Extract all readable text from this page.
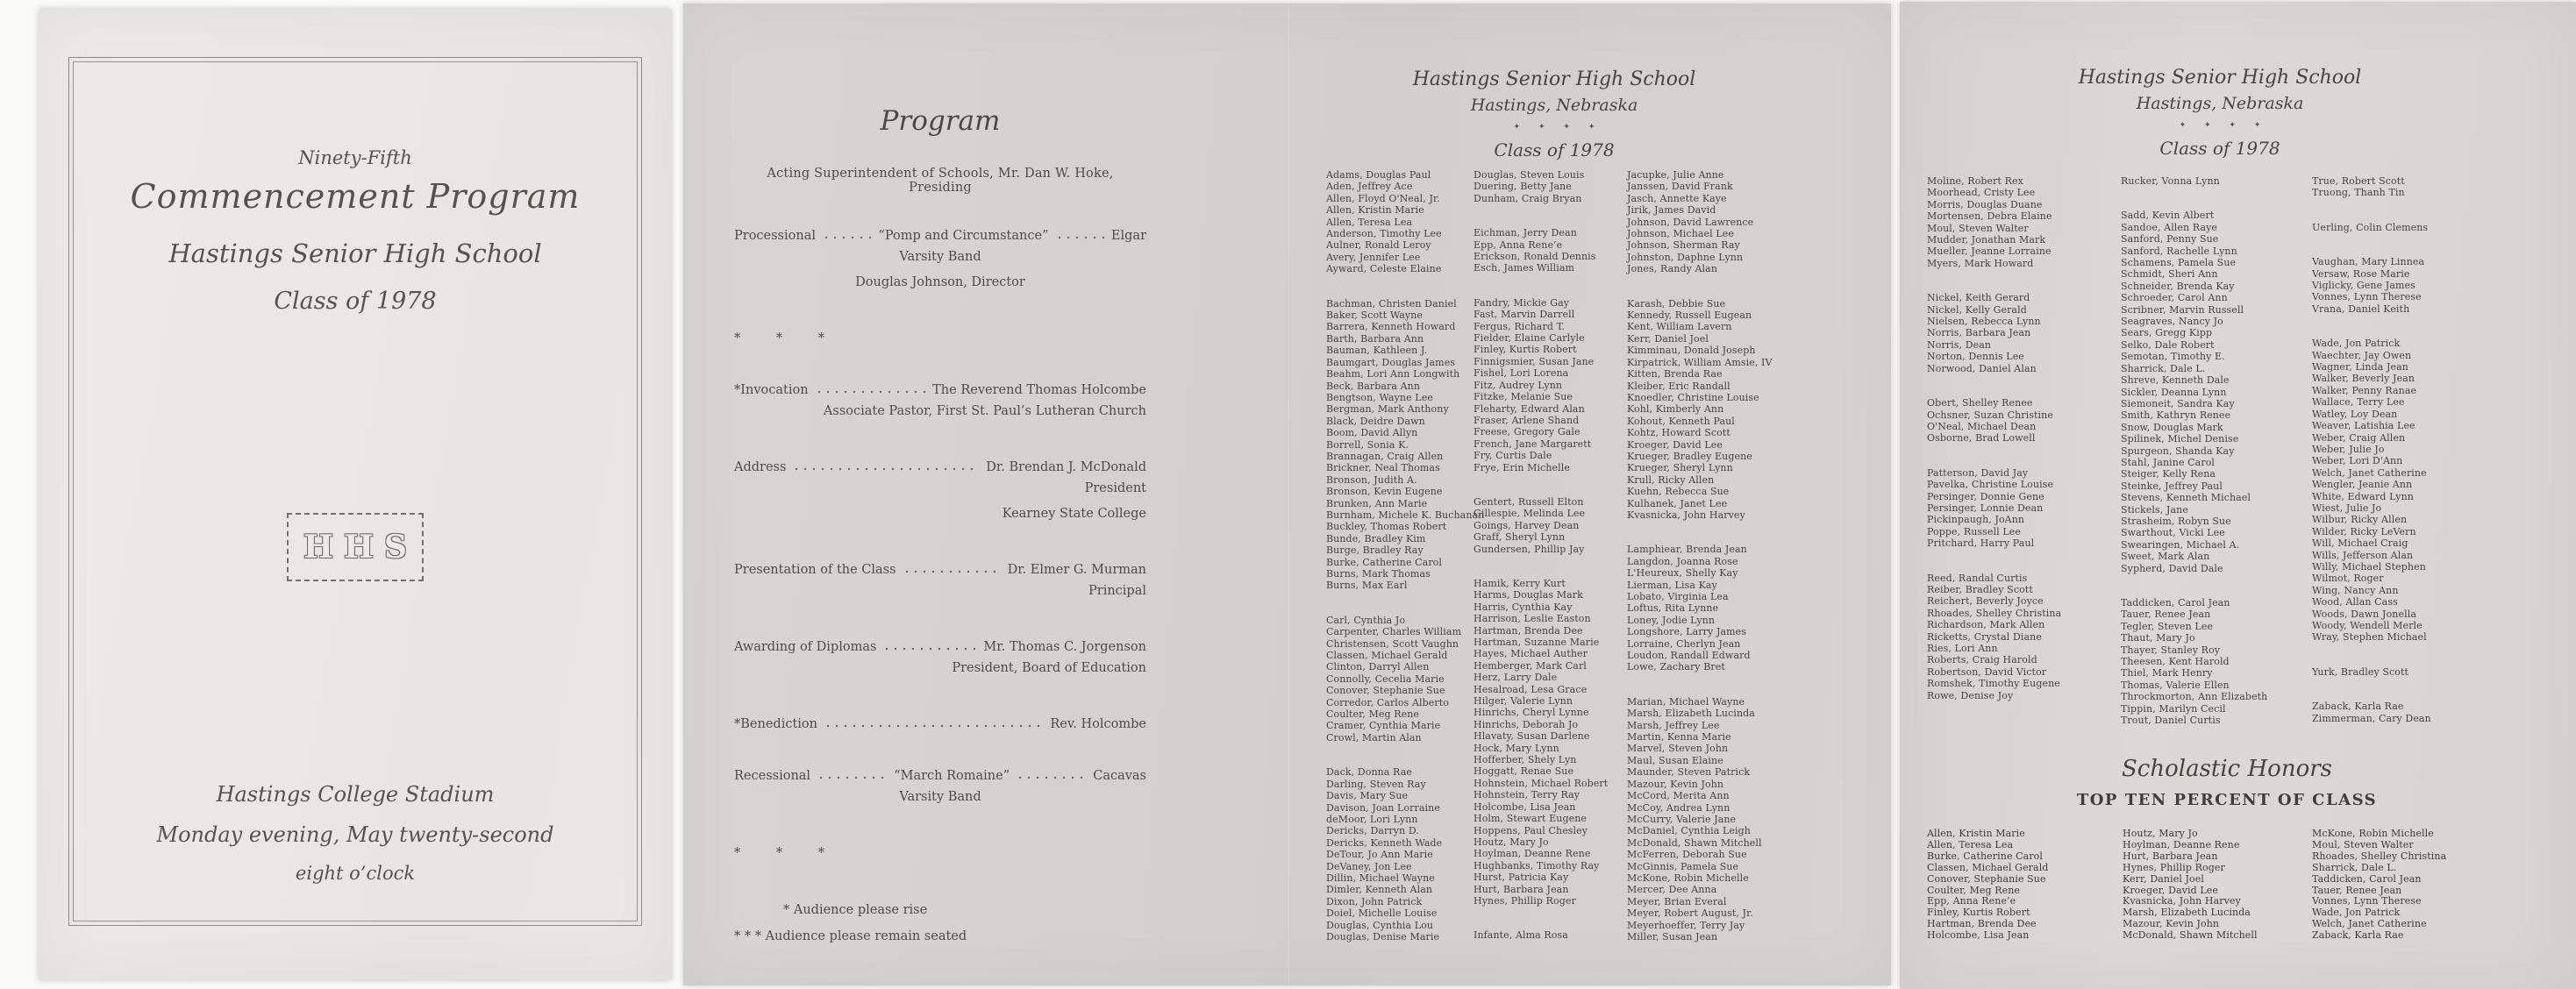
Ninety-Fifth
Commencement Program
Hastings Senior High School
Class of 1978
HHS
Hastings College Stadium
Monday evening, May twenty-second
eight o’clock
Program
Acting Superintendent of Schools, Mr. Dan W. Hoke, Presiding
Processional	“Pomp and Circumstance”	Elgar
Varsity Band
Douglas Johnson, Director
* * *
*Invocation	The Reverend Thomas Holcombe
Associate Pastor, First St. Paul’s Lutheran Church
Address	Dr. Brendan J. McDonald
President
Kearney State College
Presentation of the Class	Dr. Elmer G. Murman
Principal
Awarding of Diplomas	Mr. Thomas C. Jorgenson
President, Board of Education
*Benediction	Rev. Holcombe
Recessional	“March Romaine”	Cacavas
Varsity Band
* * *
* Audience please rise
* * * Audience please remain seated
Hastings Senior High School
Hastings, Nebraska
✦ ✦ ✦ ✦
Class of 1978
Adams, Douglas Paul
Aden, Jeffrey Ace
Allen, Floyd O'Neal, Jr.
Allen, Kristin Marie
Allen, Teresa Lea
Anderson, Timothy Lee
Aulner, Ronald Leroy
Avery, Jennifer Lee
Ayward, Celeste Elaine
Bachman, Christen Daniel
Baker, Scott Wayne
Barrera, Kenneth Howard
Barth, Barbara Ann
Bauman, Kathleen J.
Baumgart, Douglas James
Beahm, Lori Ann Longwith
Beck, Barbara Ann
Bengtson, Wayne Lee
Bergman, Mark Anthony
Black, Deidre Dawn
Boom, David Allyn
Borrell, Sonia K.
Brannagan, Craig Allen
Brickner, Neal Thomas
Bronson, Judith A.
Bronson, Kevin Eugene
Brunken, Ann Marie
Burnham, Michele K. Buchanan
Buckley, Thomas Robert
Bunde, Bradley Kim
Burge, Bradley Ray
Burke, Catherine Carol
Burns, Mark Thomas
Burns, Max Earl
Carl, Cynthia Jo
Carpenter, Charles William
Christensen, Scott Vaughn
Classen, Michael Gerald
Clinton, Darryl Allen
Connolly, Cecelia Marie
Conover, Stephanie Sue
Corredor, Carlos Alberto
Coulter, Meg Rene
Cramer, Cynthia Marie
Crowl, Martin Alan
Dack, Donna Rae
Darling, Steven Ray
Davis, Mary Sue
Davison, Joan Lorraine
deMoor, Lori Lynn
Dericks, Darryn D.
Dericks, Kenneth Wade
DeTour, Jo Ann Marie
DeVaney, Jon Lee
Dillin, Michael Wayne
Dimler, Kenneth Alan
Dixon, John Patrick
Doiel, Michelle Louise
Douglas, Cynthia Lou
Douglas, Denise Marie
Douglas, Steven Louis
Duering, Betty Jane
Dunham, Craig Bryan
Eichman, Jerry Dean
Epp, Anna Rene’e
Erickson, Ronald Dennis
Esch, James William
Fandry, Mickie Gay
Fast, Marvin Darrell
Fergus, Richard T.
Fielder, Elaine Carlyle
Finley, Kurtis Robert
Finnigsmier, Susan Jane
Fishel, Lori Lorena
Fitz, Audrey Lynn
Fitzke, Melanie Sue
Fleharty, Edward Alan
Fraser, Arlene Shand
Freese, Gregory Gale
French, Jane Margarett
Fry, Curtis Dale
Frye, Erin Michelle
Gentert, Russell Elton
Gillespie, Melinda Lee
Goings, Harvey Dean
Graff, Sheryl Lynn
Gundersen, Phillip Jay
Hamik, Kerry Kurt
Harms, Douglas Mark
Harris, Cynthia Kay
Harrison, Leslie Easton
Hartman, Brenda Dee
Hartman, Suzanne Marie
Hayes, Michael Auther
Hemberger, Mark Carl
Herz, Larry Dale
Hesalroad, Lesa Grace
Hilger, Valerie Lynn
Hinrichs, Cheryl Lynne
Hinrichs, Deborah Jo
Hlavaty, Susan Darlene
Hock, Mary Lynn
Hofferber, Shely Lyn
Hoggatt, Renae Sue
Hohnstein, Michael Robert
Hohnstein, Terry Ray
Holcombe, Lisa Jean
Holm, Stewart Eugene
Hoppens, Paul Chesley
Houtz, Mary Jo
Hoylman, Deanne Rene
Hughbanks, Timothy Ray
Hurst, Patricia Kay
Hurt, Barbara Jean
Hynes, Phillip Roger
Infante, Alma Rosa
Jacupke, Julie Anne
Janssen, David Frank
Jasch, Annette Kaye
Jirik, James David
Johnson, David Lawrence
Johnson, Michael Lee
Johnson, Sherman Ray
Johnston, Daphne Lynn
Jones, Randy Alan
Karash, Debbie Sue
Kennedy, Russell Eugean
Kent, William Lavern
Kerr, Daniel Joel
Kimminau, Donald Joseph
Kirpatrick, William Amsie, IV
Kitten, Brenda Rae
Kleiber, Eric Randall
Knoedler, Christine Louise
Kohl, Kimberly Ann
Kohout, Kenneth Paul
Kohtz, Howard Scott
Kroeger, David Lee
Krueger, Bradley Eugene
Krueger, Sheryl Lynn
Krull, Ricky Allen
Kuehn, Rebecca Sue
Kulhanek, Janet Lee
Kvasnicka, John Harvey
Lamphiear, Brenda Jean
Langdon, Joanna Rose
L'Heureux, Shelly Kay
Lierman, Lisa Kay
Lobato, Virginia Lea
Loftus, Rita Lynne
Loney, Jodie Lynn
Longshore, Larry James
Lorraine, Cherlyn Jean
Loudon, Randall Edward
Lowe, Zachary Bret
Marian, Michael Wayne
Marsh, Elizabeth Lucinda
Marsh, Jeffrey Lee
Martin, Kenna Marie
Marvel, Steven John
Maul, Susan Elaine
Maunder, Steven Patrick
Mazour, Kevin John
McCord, Merita Ann
McCoy, Andrea Lynn
McCurry, Valerie Jane
McDaniel, Cynthia Leigh
McDonald, Shawn Mitchell
McFerren, Deborah Sue
McGinnis, Pamela Sue
McKone, Robin Michelle
Mercer, Dee Anna
Meyer, Brian Everal
Meyer, Robert August, Jr.
Meyerhoeffer, Terry Jay
Miller, Susan Jean
Hastings Senior High School
Hastings, Nebraska
✦ ✦ ✦ ✦
Class of 1978
Moline, Robert Rex
Moorhead, Cristy Lee
Morris, Douglas Duane
Mortensen, Debra Elaine
Moul, Steven Walter
Mudder, Jonathan Mark
Mueller, Jeanne Lorraine
Myers, Mark Howard
Nickel, Keith Gerard
Nickel, Kelly Gerald
Nielsen, Rebecca Lynn
Norris, Barbara Jean
Norris, Dean
Norton, Dennis Lee
Norwood, Daniel Alan
Obert, Shelley Renee
Ochsner, Suzan Christine
O'Neal, Michael Dean
Osborne, Brad Lowell
Patterson, David Jay
Pavelka, Christine Louise
Persinger, Donnie Gene
Persinger, Lonnie Dean
Pickinpaugh, JoAnn
Poppe, Russell Lee
Pritchard, Harry Paul
Reed, Randal Curtis
Reiber, Bradley Scott
Reichert, Beverly Joyce
Rhoades, Shelley Christina
Richardson, Mark Allen
Ricketts, Crystal Diane
Ries, Lori Ann
Roberts, Craig Harold
Robertson, David Victor
Romshek, Timothy Eugene
Rowe, Denise Joy
Rucker, Vonna Lynn
Sadd, Kevin Albert
Sandoe, Allen Raye
Sanford, Penny Sue
Sanford, Rachelle Lynn
Schamens, Pamela Sue
Schmidt, Sheri Ann
Schneider, Brenda Kay
Schroeder, Carol Ann
Scribner, Marvin Russell
Seagraves, Nancy Jo
Sears, Gregg Kipp
Selko, Dale Robert
Semotan, Timothy E.
Sharrick, Dale L.
Shreve, Kenneth Dale
Sickler, Deanna Lynn
Siemoneit, Sandra Kay
Smith, Kathryn Renee
Snow, Douglas Mark
Spilinek, Michel Denise
Spurgeon, Shanda Kay
Stahl, Janine Carol
Steiger, Kelly Rena
Steinke, Jeffrey Paul
Stevens, Kenneth Michael
Stickels, Jane
Strasheim, Robyn Sue
Swarthout, Vicki Lee
Swearingen, Michael A.
Sweet, Mark Alan
Sypherd, David Dale
Taddicken, Carol Jean
Tauer, Renee Jean
Tegler, Steven Lee
Thaut, Mary Jo
Thayer, Stanley Roy
Theesen, Kent Harold
Thiel, Mark Henry
Thomas, Valerie Ellen
Throckmorton, Ann Elizabeth
Tippin, Marilyn Cecil
Trout, Daniel Curtis
True, Robert Scott
Truong, Thanh Tin
Uerling, Colin Clemens
Vaughan, Mary Linnea
Versaw, Rose Marie
Viglicky, Gene James
Vonnes, Lynn Therese
Vrana, Daniel Keith
Wade, Jon Patrick
Waechter, Jay Owen
Wagner, Linda Jean
Walker, Beverly Jean
Walker, Penny Ranae
Wallace, Terry Lee
Watley, Loy Dean
Weaver, Latishia Lee
Weber, Craig Allen
Weber, Julie Jo
Weber, Lori D'Ann
Welch, Janet Catherine
Wengler, Jeanie Ann
White, Edward Lynn
Wiest, Julie Jo
Wilbur, Ricky Allen
Wilder, Ricky LeVern
Will, Michael Craig
Wills, Jefferson Alan
Willy, Michael Stephen
Wilmot, Roger
Wing, Nancy Ann
Wood, Allan Cass
Woods, Dawn Jonella
Woody, Wendell Merle
Wray, Stephen Michael
Yurk, Bradley Scott
Zaback, Karla Rae
Zimmerman, Cary Dean
Scholastic Honors
TOP TEN PERCENT OF CLASS
Allen, Kristin Marie
Allen, Teresa Lea
Burke, Catherine Carol
Classen, Michael Gerald
Conover, Stephanie Sue
Coulter, Meg Rene
Epp, Anna Rene’e
Finley, Kurtis Robert
Hartman, Brenda Dee
Holcombe, Lisa Jean
Houtz, Mary Jo
Hoylman, Deanne Rene
Hurt, Barbara Jean
Hynes, Phillip Roger
Kerr, Daniel Joel
Kroeger, David Lee
Kvasnicka, John Harvey
Marsh, Elizabeth Lucinda
Mazour, Kevin John
McDonald, Shawn Mitchell
McKone, Robin Michelle
Moul, Steven Walter
Rhoades, Shelley Christina
Sharrick, Dale L.
Taddicken, Carol Jean
Tauer, Renee Jean
Vonnes, Lynn Therese
Wade, Jon Patrick
Welch, Janet Catherine
Zaback, Karla Rae
